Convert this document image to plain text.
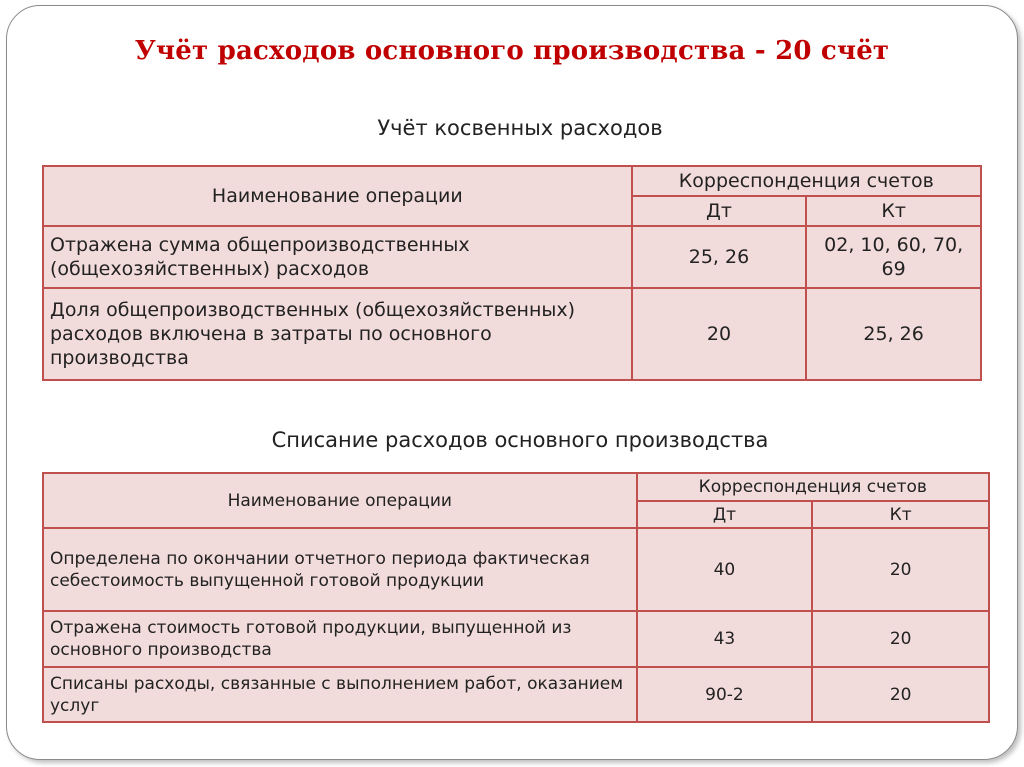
Учёт расходов основного производства - 20 счёт
Учёт косвенных расходов
Наименование операции	Корреспонденция счетов	
	Дт	Кт
Отражена сумма общепроизводственных (общехозяйственных) расходов	25, 26	02, 10, 60, 70, 69
Доля общепроизводственных (общехозяйственных) расходов включена в затраты по основного производства	20	25, 26
Списание расходов основного производства
Наименование операции	Корреспонденция счетов	
	Дт	Кт
Определена по окончании отчетного периода фактическая себестоимость выпущенной готовой продукции	40	20
Отражена стоимость готовой продукции, выпущенной из основного производства	43	20
Списаны расходы, связанные с выполнением работ, оказанием услуг	90-2	20
